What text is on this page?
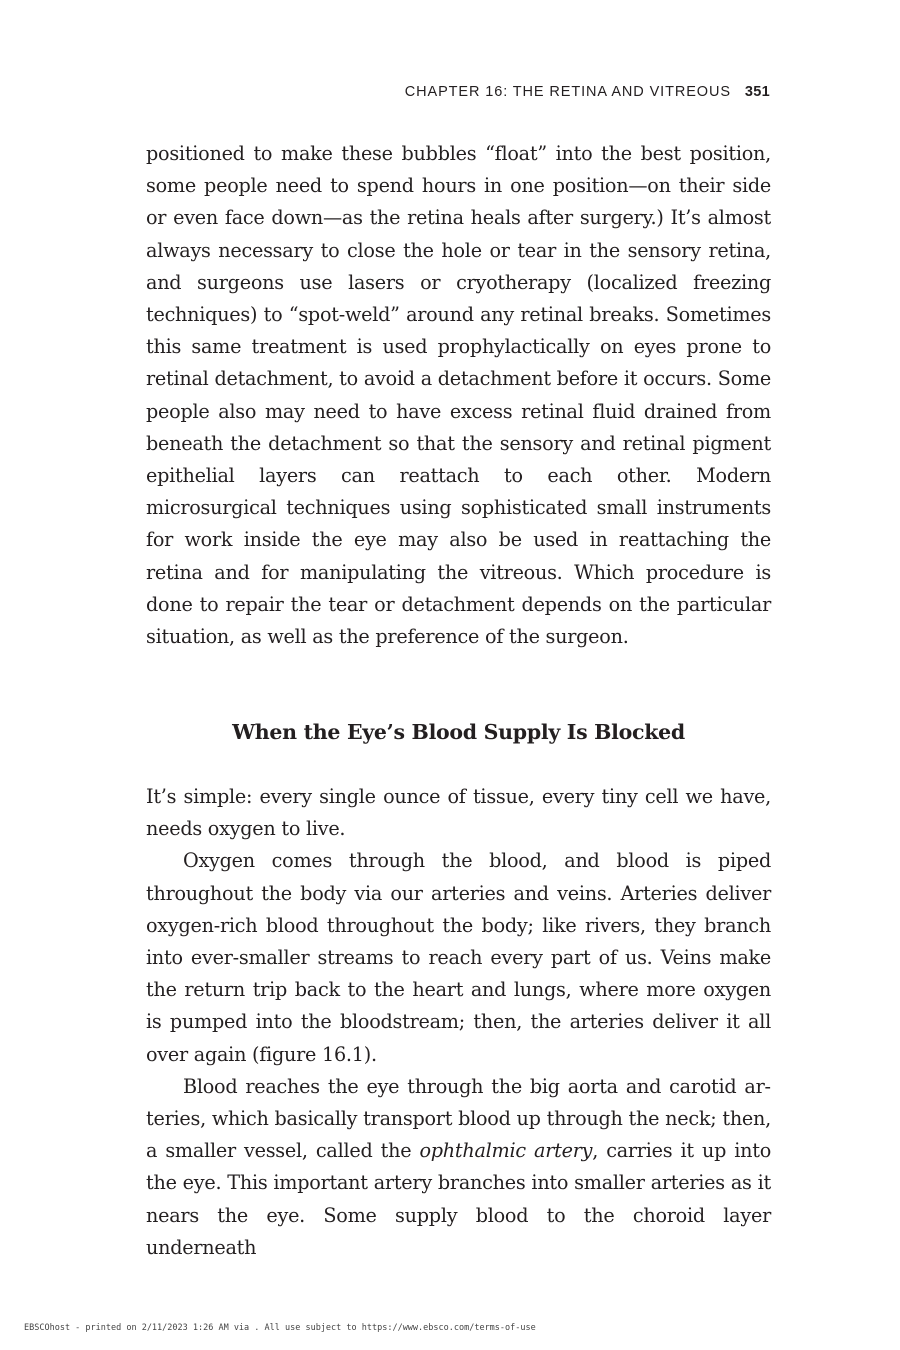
CHAPTER 16: THE RETINA AND VITREOUS 351

positioned to make these bubbles “float” into the best position, some people need to spend hours in one position—on their side or even face down—as the retina heals after surgery.) It’s almost always necessary to close the hole or tear in the sensory retina, and surgeons use lasers or cryotherapy (localized freezing techniques) to “spot-weld” around any retinal breaks. Sometimes this same treatment is used prophylactically on eyes prone to retinal detachment, to avoid a detachment before it occurs. Some people also may need to have excess retinal fluid drained from beneath the detachment so that the sensory and retinal pigment epithelial layers can reattach to each other. Modern microsurgical techniques using sophisticated small instruments for work inside the eye may also be used in reattaching the retina and for manipulating the vitreous. Which procedure is done to repair the tear or detachment depends on the particular situation, as well as the preference of the surgeon.

When the Eye’s Blood Supply Is Blocked

It’s simple: every single ounce of tissue, every tiny cell we have, needs oxygen to live.

Oxygen comes through the blood, and blood is piped throughout the body via our arteries and veins. Arteries deliver oxygen-rich blood throughout the body; like rivers, they branch into ever-smaller streams to reach every part of us. Veins make the return trip back to the heart and lungs, where more oxygen is pumped into the bloodstream; then, the arteries deliver it all over again (figure 16.1).

Blood reaches the eye through the big aorta and carotid arteries, which basically transport blood up through the neck; then, a smaller vessel, called the ophthalmic artery, carries it up into the eye. This important artery branches into smaller arteries as it nears the eye. Some supply blood to the choroid layer underneath

EBSCOhost - printed on 2/11/2023 1:26 AM via . All use subject to https://www.ebsco.com/terms-of-use
